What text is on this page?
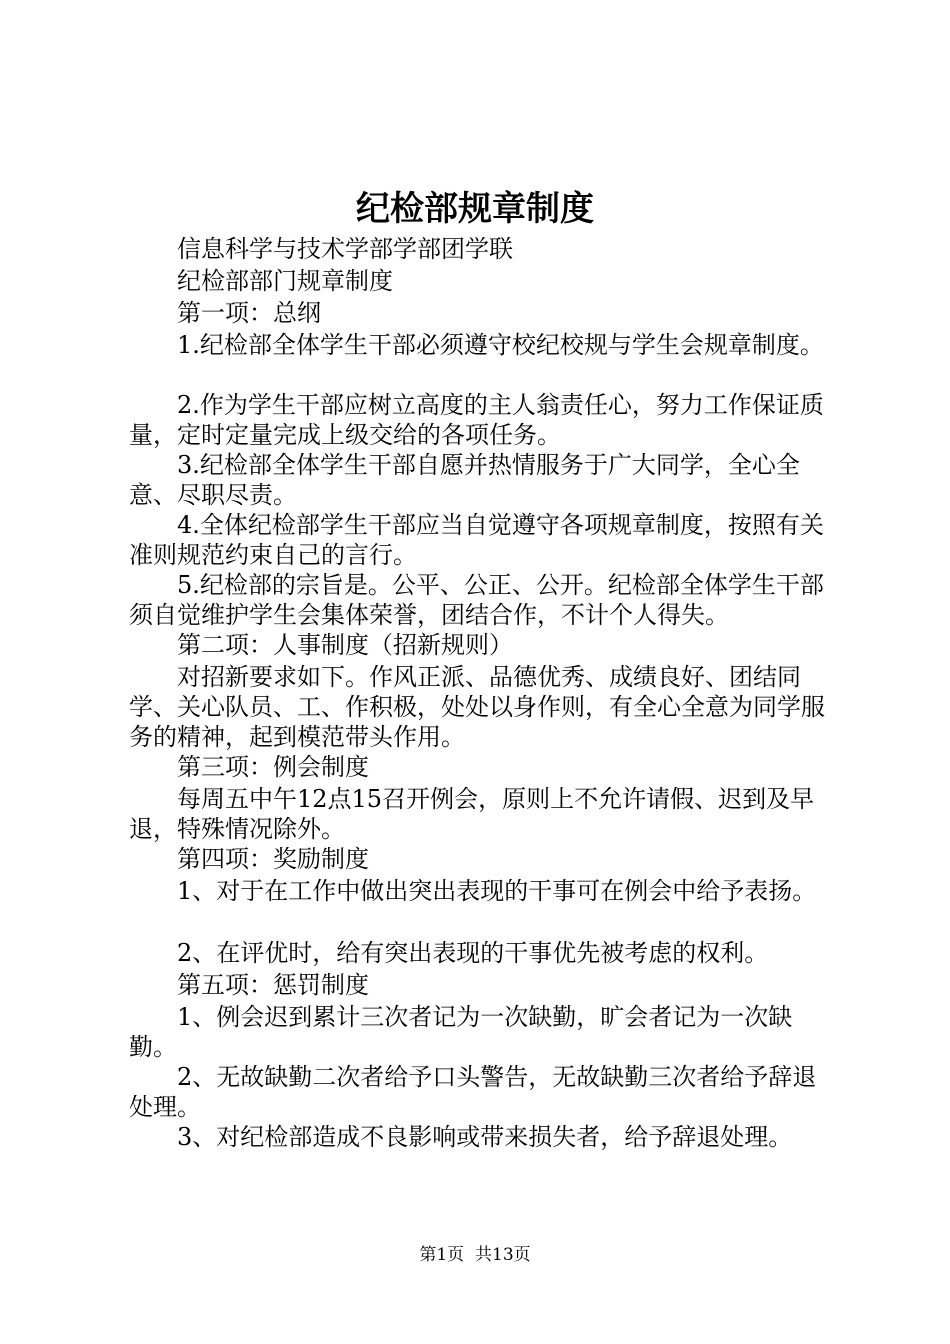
纪检部规章制度

信息科学与技术学部学部团学联

纪检部部门规章制度

第一项：总纲

1.纪检部全体学生干部必须遵守校纪校规与学生会规章制度。

2.作为学生干部应树立高度的主人翁责任心，努力工作保证质量，定时定量完成上级交给的各项任务。

3.纪检部全体学生干部自愿并热情服务于广大同学，全心全意、尽职尽责。

4.全体纪检部学生干部应当自觉遵守各项规章制度，按照有关准则规范约束自己的言行。

5.纪检部的宗旨是。公平、公正、公开。纪检部全体学生干部须自觉维护学生会集体荣誉，团结合作，不计个人得失。

第二项：人事制度（招新规则）

对招新要求如下。作风正派、品德优秀、成绩良好、团结同学、关心队员、工、作积极，处处以身作则，有全心全意为同学服务的精神，起到模范带头作用。

第三项：例会制度

每周五中午12点15召开例会，原则上不允许请假、迟到及早退，特殊情况除外。

第四项：奖励制度

1、对于在工作中做出突出表现的干事可在例会中给予表扬。

2、在评优时，给有突出表现的干事优先被考虑的权利。

第五项：惩罚制度

1、例会迟到累计三次者记为一次缺勤，旷会者记为一次缺勤。

2、无故缺勤二次者给予口头警告，无故缺勤三次者给予辞退处理。

3、对纪检部造成不良影响或带来损失者，给予辞退处理。

第1页 共13页
